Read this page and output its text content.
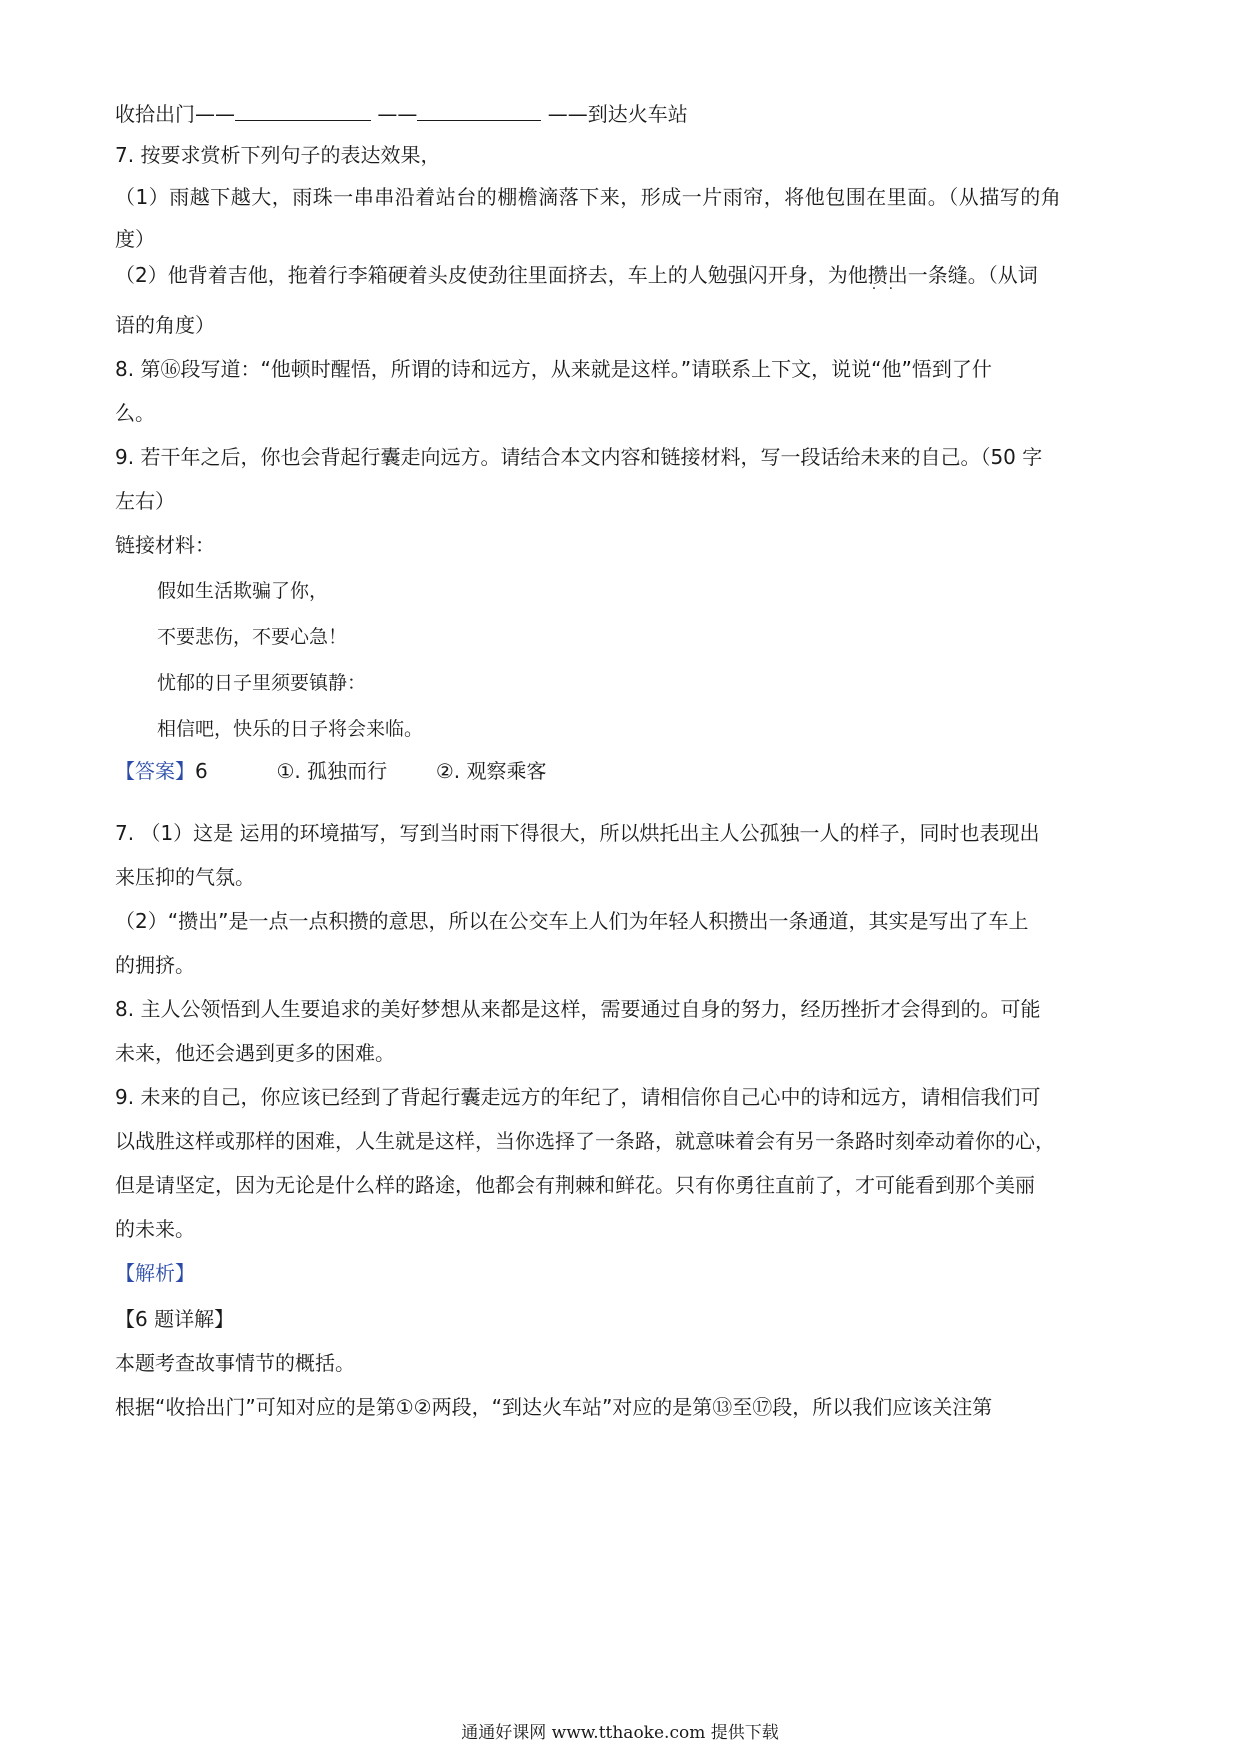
收拾出门——	——	——到达火车站

7. 按要求赏析下列句子的表达效果，

（1）雨越下越大，雨珠一串串沿着站台的棚檐滴落下来，形成一片雨帘，将他包围在里面。（从描写的角

度）

（2）他背着吉他，拖着行李箱硬着头皮使劲往里面挤去，车上的人勉强闪开身，为他攒出 · ·一条缝。（从词

语的角度）

8. 第⑯段写道：“他顿时醒悟，所谓的诗和远方，从来就是这样。”请联系上下文，说说“他”悟到了什

么。

9. 若干年之后，你也会背起行囊走向远方。请结合本文内容和链接材料，写一段话给未来的自己。（50 字

左右）

链接材料：

假如生活欺骗了你，

不要悲伤，不要心急！

忧郁的日子里须要镇静：

相信吧，快乐的日子将会来临。

【答案】6	①. 孤独而行 ②. 观察乘客

7. （1）这是 运用的环境描写，写到当时雨下得很大，所以烘托出主人公孤独一人的样子，同时也表现出

来压抑的气氛。

（2）“攒出”是一点一点积攒的意思，所以在公交车上人们为年轻人积攒出一条通道，其实是写出了车上

的拥挤。

8. 主人公领悟到人生要追求的美好梦想从来都是这样，需要通过自身的努力，经历挫折才会得到的。可能

未来，他还会遇到更多的困难。

9. 未来的自己，你应该已经到了背起行囊走远方的年纪了，请相信你自己心中的诗和远方，请相信我们可

以战胜这样或那样的困难，人生就是这样，当你选择了一条路，就意味着会有另一条路时刻牵动着你的心，

但是请坚定，因为无论是什么样的路途，他都会有荆棘和鲜花。只有你勇往直前了，才可能看到那个美丽

的未来。

【解析】

【6 题详解】

本题考查故事情节的概括。

根据“收拾出门”可知对应的是第①②两段，“到达火车站”对应的是第⑬至⑰段，所以我们应该关注第

通通好课网 www.tthaoke.com 提供下载
